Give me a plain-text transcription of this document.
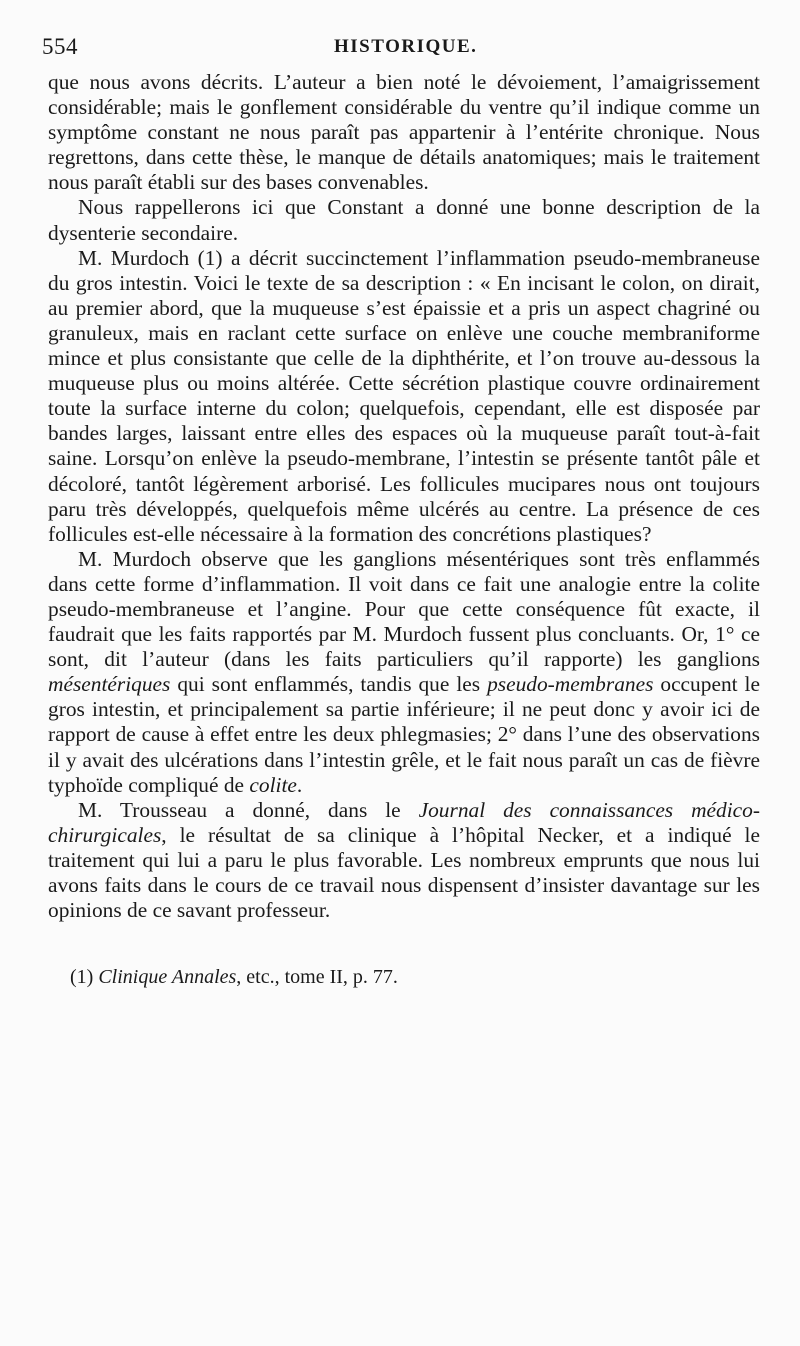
554	HISTORIQUE.

que nous avons décrits. L’auteur a bien noté le dévoiement, l’amaigrissement considérable; mais le gonflement considérable du ventre qu’il indique comme un symptôme constant ne nous paraît pas appartenir à l’entérite chronique. Nous regrettons, dans cette thèse, le manque de détails anatomiques; mais le traitement nous paraît établi sur des bases convenables.

Nous rappellerons ici que Constant a donné une bonne description de la dysenterie secondaire.

M. Murdoch (1) a décrit succinctement l’inflammation pseudo-membraneuse du gros intestin. Voici le texte de sa description : « En incisant le colon, on dirait, au premier abord, que la muqueuse s’est épaissie et a pris un aspect chagriné ou granuleux, mais en raclant cette surface on enlève une couche membraniforme mince et plus consistante que celle de la diphthérite, et l’on trouve au-dessous la muqueuse plus ou moins altérée. Cette sécrétion plastique couvre ordinairement toute la surface interne du colon; quelquefois, cependant, elle est disposée par bandes larges, laissant entre elles des espaces où la muqueuse paraît tout-à-fait saine. Lorsqu’on enlève la pseudo-membrane, l’intestin se présente tantôt pâle et décoloré, tantôt légèrement arborisé. Les follicules mucipares nous ont toujours paru très développés, quelquefois même ulcérés au centre. La présence de ces follicules est-elle nécessaire à la formation des concrétions plastiques?

M. Murdoch observe que les ganglions mésentériques sont très enflammés dans cette forme d’inflammation. Il voit dans ce fait une analogie entre la colite pseudo-membraneuse et l’angine. Pour que cette conséquence fût exacte, il faudrait que les faits rapportés par M. Murdoch fussent plus concluants. Or, 1° ce sont, dit l’auteur (dans les faits particuliers qu’il rapporte) les ganglions mésentériques qui sont enflammés, tandis que les pseudo-membranes occupent le gros intestin, et principalement sa partie inférieure; il ne peut donc y avoir ici de rapport de cause à effet entre les deux phlegmasies; 2° dans l’une des observations il y avait des ulcérations dans l’intestin grêle, et le fait nous paraît un cas de fièvre typhoïde compliqué de colite.

M. Trousseau a donné, dans le Journal des connaissances médico-chirurgicales, le résultat de sa clinique à l’hôpital Necker, et a indiqué le traitement qui lui a paru le plus favorable. Les nombreux emprunts que nous lui avons faits dans le cours de ce travail nous dispensent d’insister davantage sur les opinions de ce savant professeur.

(1) Clinique Annales, etc., tome II, p. 77.
